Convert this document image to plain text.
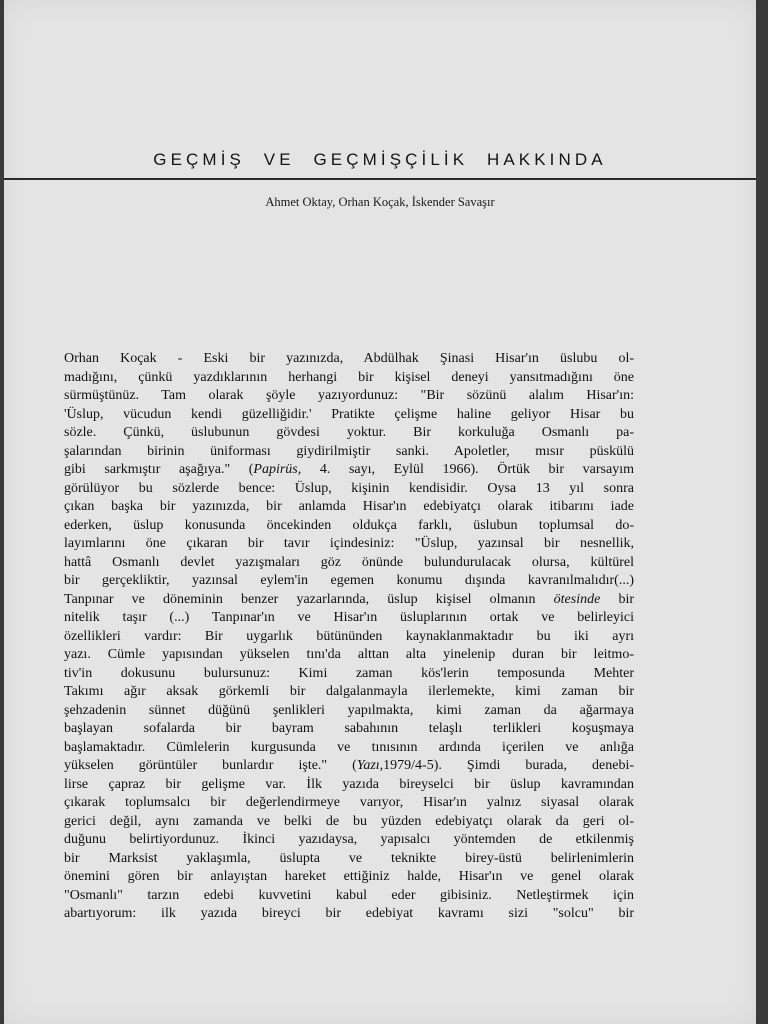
GEÇMİŞ VE GEÇMİŞÇİLİK HAKKINDA
Ahmet Oktay, Orhan Koçak, İskender Savaşır
Orhan Koçak - Eski bir yazınızda, Abdülhak Şinasi Hisar'ın üslubu ol-
madığını, çünkü yazdıklarının herhangi bir kişisel deneyi yansıtmadığını öne
sürmüştünüz. Tam olarak şöyle yazıyordunuz: "Bir sözünü alalım Hisar'ın:
'Üslup, vücudun kendi güzelliğidir.' Pratikte çelişme haline geliyor Hisar bu
sözle. Çünkü, üslubunun gövdesi yoktur. Bir korkuluğa Osmanlı pa-
şalarından birinin üniforması giydirilmiştir sanki. Apoletler, mısır püskülü
gibi sarkmıştır aşağıya." (Papirüs, 4. sayı, Eylül 1966). Örtük bir varsayım
görülüyor bu sözlerde bence: Üslup, kişinin kendisidir. Oysa 13 yıl sonra
çıkan başka bir yazınızda, bir anlamda Hisar'ın edebiyatçı olarak itibarını iade
ederken, üslup konusunda öncekinden oldukça farklı, üslubun toplumsal do-
layımlarını öne çıkaran bir tavır içindesiniz: "Üslup, yazınsal bir nesnellik,
hattâ Osmanlı devlet yazışmaları göz önünde bulundurulacak olursa, kültürel
bir gerçekliktir, yazınsal eylem'in egemen konumu dışında kavranılmalıdır(...)
Tanpınar ve döneminin benzer yazarlarında, üslup kişisel olmanın ötesinde bir
nitelik taşır (...) Tanpınar'ın ve Hisar'ın üsluplarının ortak ve belirleyici
özellikleri vardır: Bir uygarlık bütününden kaynaklanmaktadır bu iki ayrı
yazı. Cümle yapısından yükselen tını'da alttan alta yinelenip duran bir leitmo-
tiv'in dokusunu bulursunuz: Kimi zaman kös'lerin temposunda Mehter
Takımı ağır aksak görkemli bir dalgalanmayla ilerlemekte, kimi zaman bir
şehzadenin sünnet düğünü şenlikleri yapılmakta, kimi zaman da ağarmaya
başlayan sofalarda bir bayram sabahının telaşlı terlikleri koşuşmaya
başlamaktadır. Cümlelerin kurgusunda ve tınısının ardında içerilen ve anlığa
yükselen görüntüler bunlardır işte." (Yazı,1979/4-5). Şimdi burada, denebi-
lirse çapraz bir gelişme var. İlk yazıda bireyselci bir üslup kavramından
çıkarak toplumsalcı bir değerlendirmeye varıyor, Hisar'ın yalnız siyasal olarak
gerici değil, aynı zamanda ve belki de bu yüzden edebiyatçı olarak da geri ol-
duğunu belirtiyordunuz. İkinci yazıdaysa, yapısalcı yöntemden de etkilenmiş
bir Marksist yaklaşımla, üslupta ve teknikte birey-üstü belirlenimlerin
önemini gören bir anlayıştan hareket ettiğiniz halde, Hisar'ın ve genel olarak
"Osmanlı" tarzın edebi kuvvetini kabul eder gibisiniz. Netleştirmek için
abartıyorum: ilk yazıda bireyci bir edebiyat kavramı sizi "solcu" bir
